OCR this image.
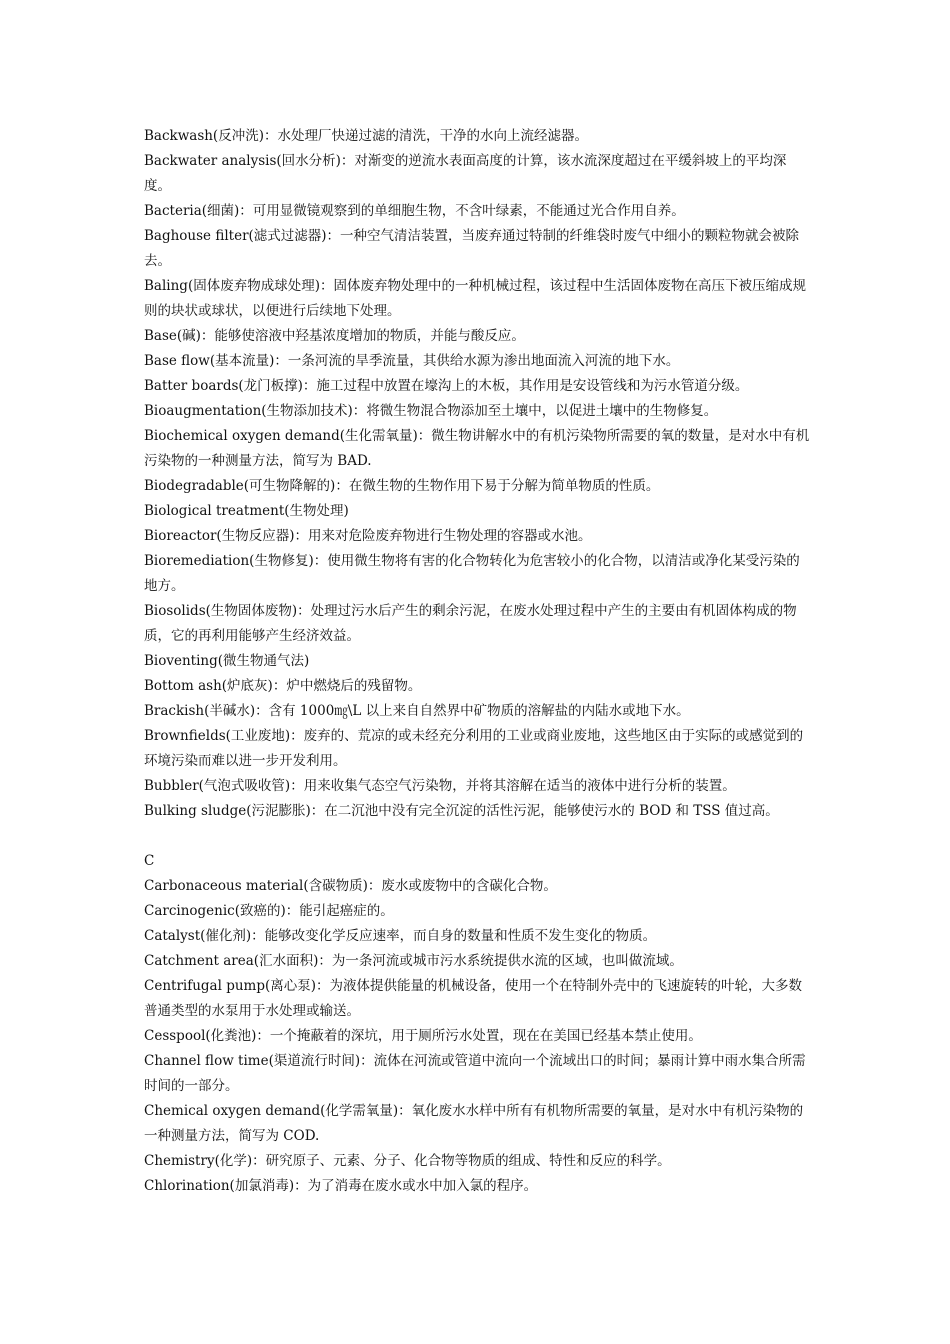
Backwash(反冲洗)：水处理厂快递过滤的清洗，干净的水向上流经滤器。

Backwater analysis(回水分析)：对渐变的逆流水表面高度的计算，该水流深度超过在平缓斜坡上的平均深度。

Bacteria(细菌)：可用显微镜观察到的单细胞生物，不含叶绿素，不能通过光合作用自养。

Baghouse filter(滤式过滤器)：一种空气清洁装置，当废弃通过特制的纤维袋时废气中细小的颗粒物就会被除去。

Baling(固体废弃物成球处理)：固体废弃物处理中的一种机械过程，该过程中生活固体废物在高压下被压缩成规则的块状或球状，以便进行后续地下处理。

Base(碱)：能够使溶液中羟基浓度增加的物质，并能与酸反应。

Base flow(基本流量)：一条河流的旱季流量，其供给水源为渗出地面流入河流的地下水。

Batter boards(龙门板撑)：施工过程中放置在壕沟上的木板，其作用是安设管线和为污水管道分级。

Bioaugmentation(生物添加技术)：将微生物混合物添加至土壤中，以促进土壤中的生物修复。

Biochemical oxygen demand(生化需氧量)：微生物讲解水中的有机污染物所需要的氧的数量，是对水中有机污染物的一种测量方法，简写为 BAD.

Biodegradable(可生物降解的)：在微生物的生物作用下易于分解为简单物质的性质。

Biological treatment(生物处理)

Bioreactor(生物反应器)：用来对危险废弃物进行生物处理的容器或水池。

Bioremediation(生物修复)：使用微生物将有害的化合物转化为危害较小的化合物，以清洁或净化某受污染的地方。

Biosolids(生物固体废物)：处理过污水后产生的剩余污泥，在废水处理过程中产生的主要由有机固体构成的物质，它的再利用能够产生经济效益。

Bioventing(微生物通气法)

Bottom ash(炉底灰)：炉中燃烧后的残留物。

Brackish(半碱水)：含有 1000㎎\L 以上来自自然界中矿物质的溶解盐的内陆水或地下水。

Brownfields(工业废地)：废弃的、荒凉的或未经充分利用的工业或商业废地，这些地区由于实际的或感觉到的环境污染而难以进一步开发利用。

Bubbler(气泡式吸收管)：用来收集气态空气污染物，并将其溶解在适当的液体中进行分析的装置。

Bulking sludge(污泥膨胀)：在二沉池中没有完全沉淀的活性污泥，能够使污水的 BOD 和 TSS 值过高。

C

Carbonaceous material(含碳物质)：废水或废物中的含碳化合物。

Carcinogenic(致癌的)：能引起癌症的。

Catalyst(催化剂)：能够改变化学反应速率，而自身的数量和性质不发生变化的物质。

Catchment area(汇水面积)：为一条河流或城市污水系统提供水流的区域，也叫做流域。

Centrifugal pump(离心泵)：为液体提供能量的机械设备，使用一个在特制外壳中的飞速旋转的叶轮，大多数普通类型的水泵用于水处理或输送。

Cesspool(化粪池)：一个掩蔽着的深坑，用于厕所污水处置，现在在美国已经基本禁止使用。

Channel flow time(渠道流行时间)：流体在河流或管道中流向一个流域出口的时间；暴雨计算中雨水集合所需时间的一部分。

Chemical oxygen demand(化学需氧量)：氧化废水水样中所有有机物所需要的氧量，是对水中有机污染物的一种测量方法，简写为 COD.

Chemistry(化学)：研究原子、元素、分子、化合物等物质的组成、特性和反应的科学。

Chlorination(加氯消毒)：为了消毒在废水或水中加入氯的程序。
